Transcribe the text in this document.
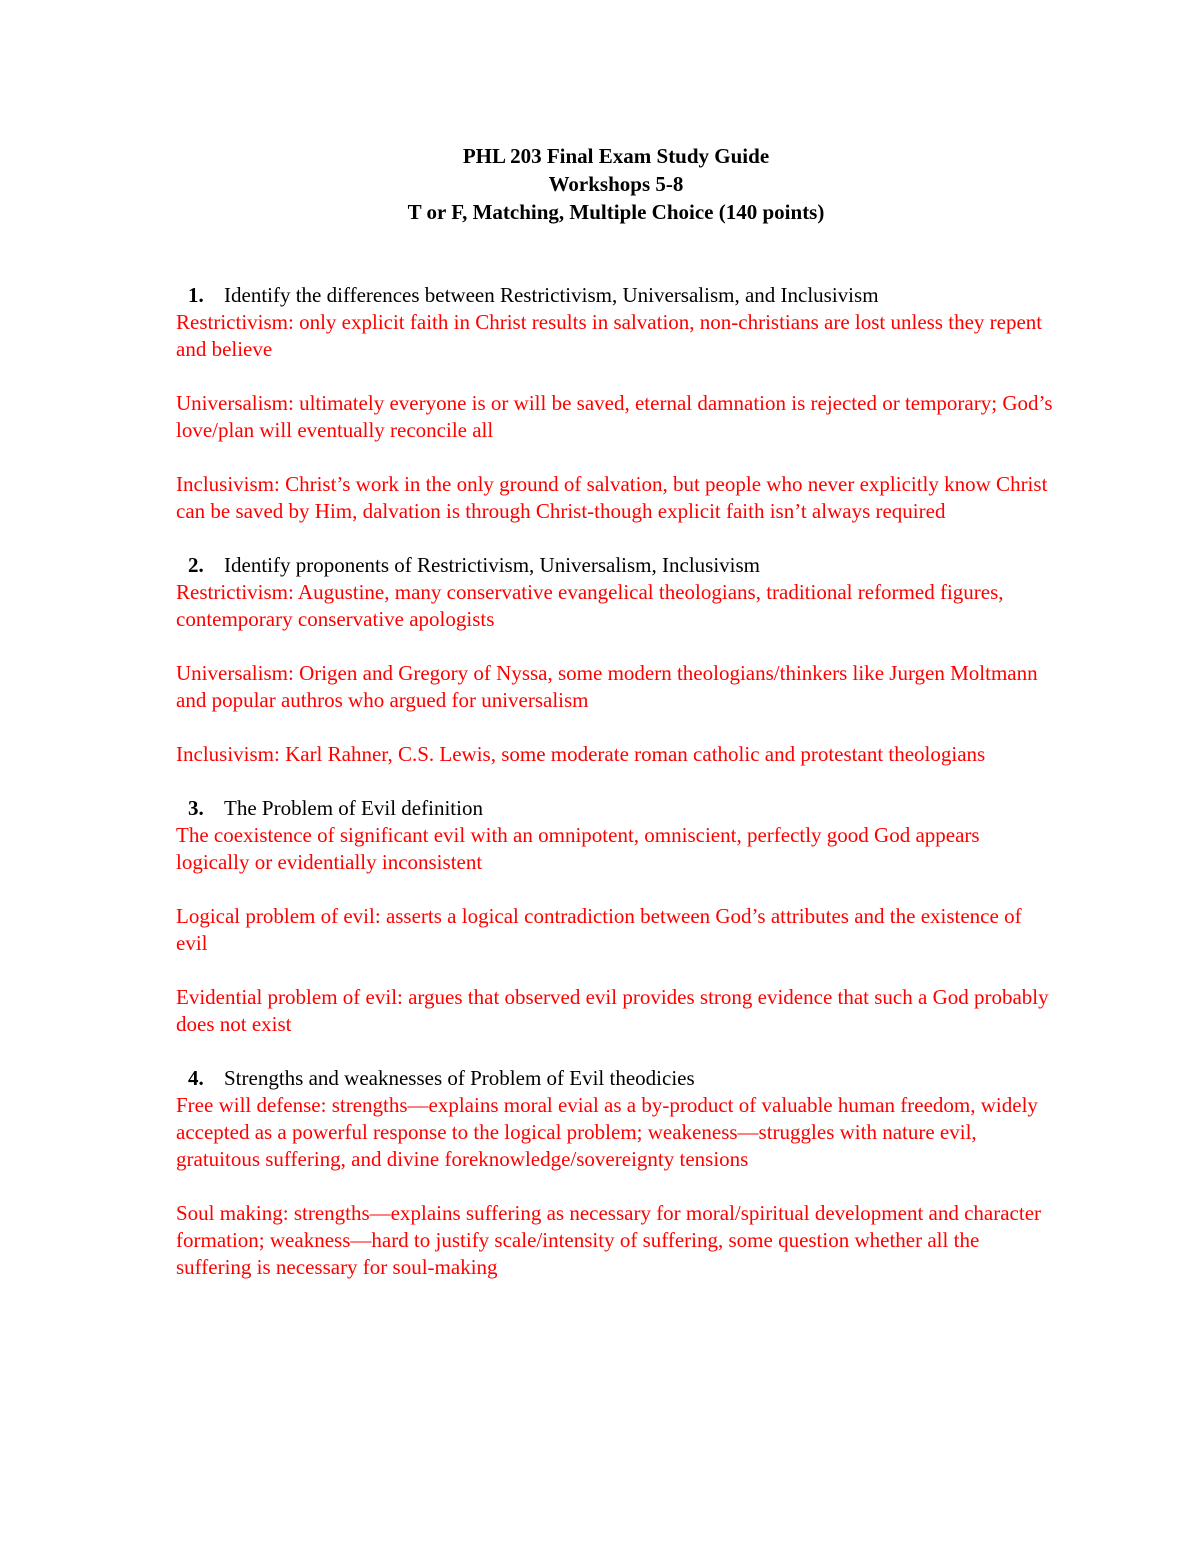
PHL 203 Final Exam Study Guide
Workshops 5-8
T or F, Matching, Multiple Choice (140 points)
1. Identify the differences between Restrictivism, Universalism, and Inclusivism

Restrictivism: only explicit faith in Christ results in salvation, non-christians are lost unless they repent and believe

Universalism: ultimately everyone is or will be saved, eternal damnation is rejected or temporary; God’s love/plan will eventually reconcile all

Inclusivism: Christ’s work in the only ground of salvation, but people who never explicitly know Christ can be saved by Him, dalvation is through Christ-though explicit faith isn’t always required

2. Identify proponents of Restrictivism, Universalism, Inclusivism

Restrictivism: Augustine, many conservative evangelical theologians, traditional reformed figures, contemporary conservative apologists

Universalism: Origen and Gregory of Nyssa, some modern theologians/thinkers like Jurgen Moltmann and popular authros who argued for universalism

Inclusivism: Karl Rahner, C.S. Lewis, some moderate roman catholic and protestant theologians

3. The Problem of Evil definition

The coexistence of significant evil with an omnipotent, omniscient, perfectly good God appears logically or evidentially inconsistent

Logical problem of evil: asserts a logical contradiction between God’s attributes and the existence of evil

Evidential problem of evil: argues that observed evil provides strong evidence that such a God probably does not exist

4. Strengths and weaknesses of Problem of Evil theodicies

Free will defense: strengths—explains moral evial as a by-product of valuable human freedom, widely accepted as a powerful response to the logical problem; weakeness—struggles with nature evil, gratuitous suffering, and divine foreknowledge/sovereignty tensions

Soul making: strengths—explains suffering as necessary for moral/spiritual development and character formation; weakness—hard to justify scale/intensity of suffering, some question whether all the suffering is necessary for soul-making
